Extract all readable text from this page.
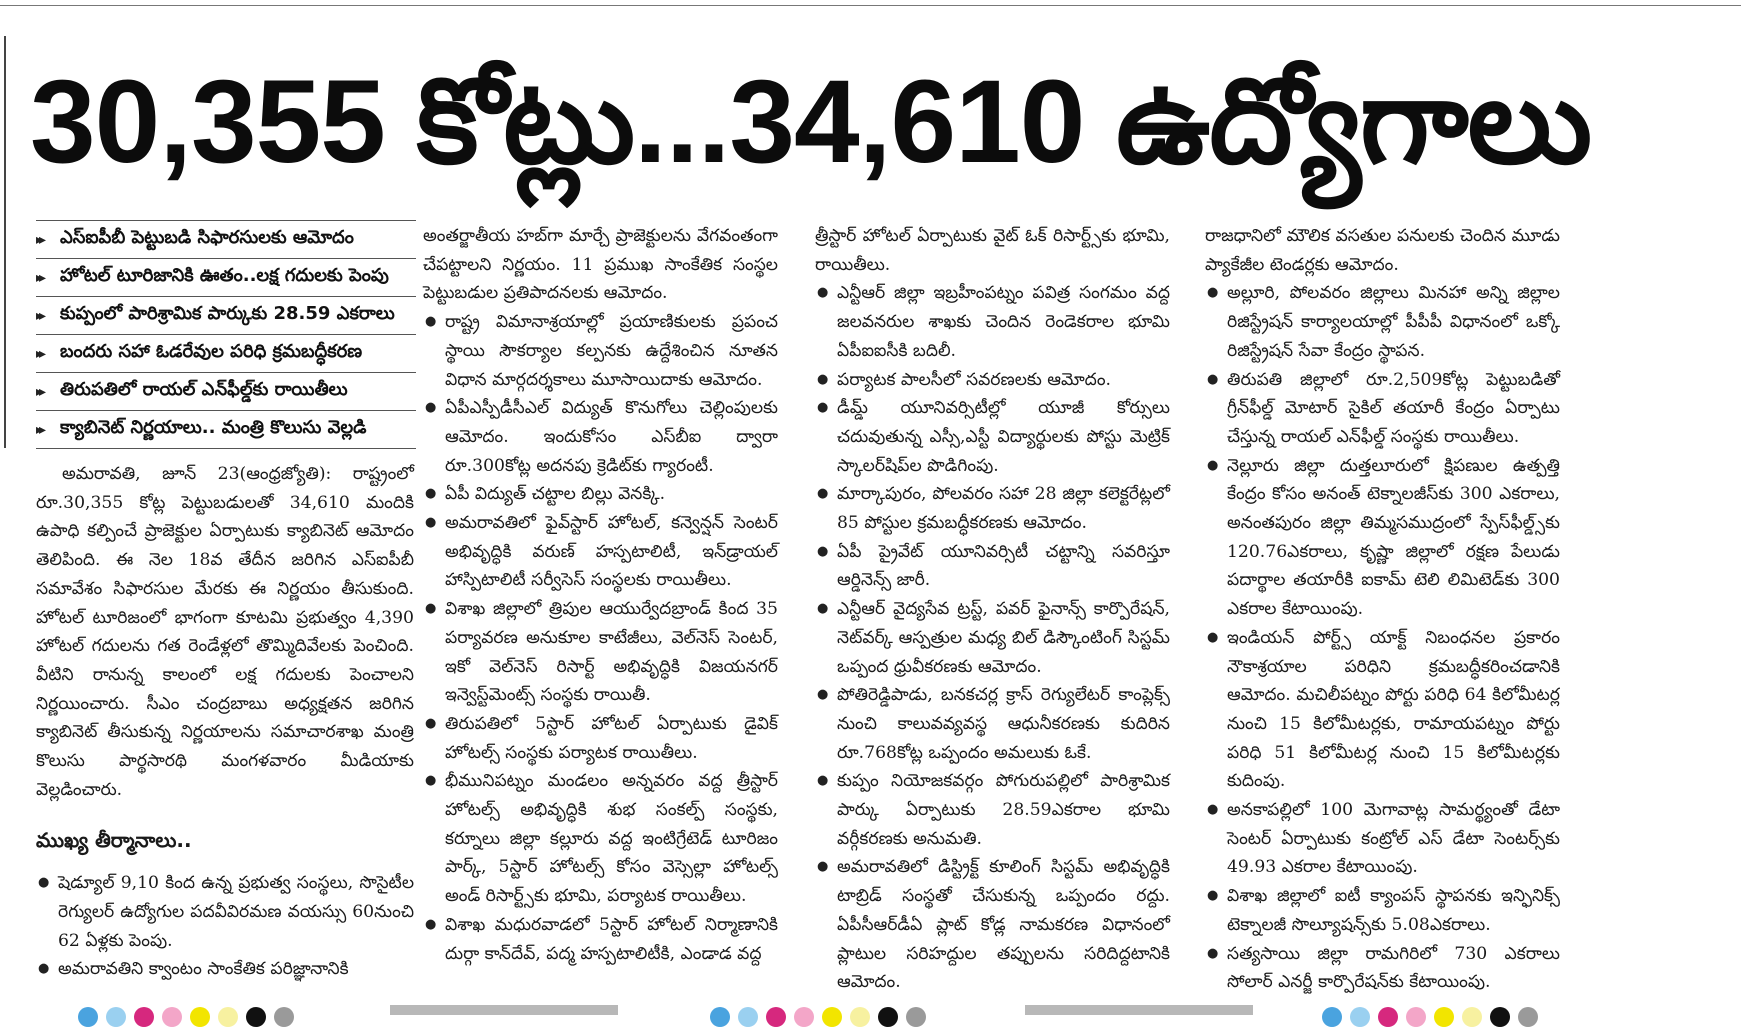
30,355 కోట్లు...34,610 ఉద్యోగాలు
▸▸ ఎస్ఐపీబీ పెట్టుబడి సిఫారసులకు ఆమోదం
▸▸ హోటల్ టూరిజానికి ఊతం..లక్ష గదులకు పెంపు
▸▸ కుప్పంలో పారిశ్రామిక పార్కుకు 28.59 ఎకరాలు
▸▸ బందరు సహా ఓడరేవుల పరిధి క్రమబద్ధీకరణ
▸▸ తిరుపతిలో రాయల్ ఎన్‌ఫీల్డ్‌కు రాయితీలు
▸▸ క్యాబినెట్ నిర్ణయాలు.. మంత్రి కొలుసు వెల్లడి

అమరావతి, జూన్ 23(ఆంధ్రజ్యోతి): రాష్ట్రంలో రూ.30,355 కోట్ల పెట్టుబడులతో 34,610 మందికి ఉపాధి కల్పించే ప్రాజెక్టుల ఏర్పాటుకు క్యాబినెట్ ఆమోదం తెలిపింది. ఈ నెల 18వ తేదీన జరిగిన ఎస్ఐపీబీ సమావేశం సిఫారసుల మేరకు ఈ నిర్ణయం తీసుకుంది. హోటల్ టూరిజంలో భాగంగా కూటమి ప్రభుత్వం 4,390 హోటల్ గదులను గత రెండేళ్లలో తొమ్మిదివేలకు పెంచింది. వీటిని రానున్న కాలంలో లక్ష గదులకు పెంచాలని నిర్ణయించారు. సీఎం చంద్రబాబు అధ్యక్షతన జరిగిన క్యాబినెట్ తీసుకున్న నిర్ణయాలను సమాచారశాఖ మంత్రి కొలుసు పార్థసారథి మంగళవారం మీడియాకు వెల్లడించారు.

ముఖ్య తీర్మానాలు..
● షెడ్యూల్ 9,10 కింద ఉన్న ప్రభుత్వ సంస్థలు, సొసైటీల రెగ్యులర్ ఉద్యోగుల పదవీవిరమణ వయస్సు 60నుంచి 62 ఏళ్లకు పెంపు.
● అమరావతిని క్వాంటం సాంకేతిక పరిజ్ఞానానికి
అంతర్జాతీయ హబ్‌గా మార్చే ప్రాజెక్టులను వేగవంతంగా చేపట్టాలని నిర్ణయం. 11 ప్రముఖ సాంకేతిక సంస్థల పెట్టుబడుల ప్రతిపాదనలకు ఆమోదం.
● రాష్ట్ర విమానాశ్రయాల్లో ప్రయాణికులకు ప్రపంచ స్థాయి సౌకర్యాల కల్పనకు ఉద్దేశించిన నూతన విధాన మార్గదర్శకాలు మూసాయిదాకు ఆమోదం.
● ఏపీఎస్పీడీసీఎల్ విద్యుత్ కొనుగోలు చెల్లింపులకు ఆమోదం. ఇందుకోసం ఎస్‌బీఐ ద్వారా రూ.300కోట్ల అదనపు క్రెడిట్‌కు గ్యారంటీ.
● ఏపీ విద్యుత్ చట్టాల బిల్లు వెనక్కి.
● అమరావతిలో ఫైవ్‌స్టార్ హోటల్, కన్వెన్షన్ సెంటర్ అభివృద్ధికి వరుణ్ హస్పటాలిటీ, ఇన్‌డ్రాయల్ హాస్పిటాలిటీ సర్వీసెస్ సంస్థలకు రాయితీలు.
● విశాఖ జిల్లాలో త్రిపుల ఆయుర్వేదబ్రాండ్ కింద 35 పర్యావరణ అనుకూల కాటేజీలు, వెల్‌నెస్ సెంటర్, ఇకో వెల్‌నెస్ రిసార్ట్ అభివృద్ధికి విజయనగర్ ఇన్వెస్ట్‌మెంట్స్ సంస్థకు రాయితీ.
● తిరుపతిలో 5స్టార్ హోటల్ ఏర్పాటుకు డైవిక్ హోటల్స్ సంస్థకు పర్యాటక రాయితీలు.
● భీమునిపట్నం మండలం అన్నవరం వద్ద త్రీస్టార్ హోటల్స్ అభివృద్ధికి శుభ సంకల్ప్ సంస్థకు, కర్నూలు జిల్లా కల్లూరు వద్ద ఇంటిగ్రేటెడ్ టూరిజం పార్క్, 5స్టార్ హోటల్స్ కోసం వెస్సెల్లా హోటల్స్ అండ్ రిసార్ట్స్‌కు భూమి, పర్యాటక రాయితీలు.
● విశాఖ మధురవాడలో 5స్టార్ హోటల్ నిర్మాణానికి దుర్గా కాన్‌దేవ్, పద్మ హస్పటాలిటీకి, ఎండాడ వద్ద
త్రీస్టార్ హోటల్ ఏర్పాటుకు వైట్ ఓక్ రిసార్ట్స్‌కు భూమి, రాయితీలు.
● ఎన్టీఆర్ జిల్లా ఇబ్రహీంపట్నం పవిత్ర సంగమం వద్ద జలవనరుల శాఖకు చెందిన రెండెకరాల భూమి ఏపీఐఐసీకి బదిలీ.
● పర్యాటక పాలసీలో సవరణలకు ఆమోదం.
● డీమ్డ్ యూనివర్సిటీల్లో యూజీ కోర్సులు చదువుతున్న ఎస్సీ,ఎస్టీ విద్యార్థులకు పోస్టు మెట్రిక్ స్కాలర్‌షిప్‌ల పొడిగింపు.
● మార్కాపురం, పోలవరం సహా 28 జిల్లా కలెక్టరేట్లలో 85 పోస్టుల క్రమబద్ధీకరణకు ఆమోదం.
● ఏపీ ప్రైవేట్ యూనివర్సిటీ చట్టాన్ని సవరిస్తూ ఆర్డినెన్స్ జారీ.
● ఎన్టీఆర్ వైద్యసేవ ట్రస్ట్, పవర్ ఫైనాన్స్ కార్పొరేషన్, నెట్‌వర్క్ ఆస్పత్రుల మధ్య బిల్ డిస్కౌంటింగ్ సిస్టమ్ ఒప్పంద ధ్రువీకరణకు ఆమోదం.
● పోతిరెడ్డిపాడు, బనకచర్ల క్రాస్ రెగ్యులేటర్ కాంప్లెక్స్ నుంచి కాలువవ్యవస్థ ఆధునీకరణకు కుదిరిన రూ.768కోట్ల ఒప్పందం అమలుకు ఓకే.
● కుప్పం నియోజకవర్గం పోగురుపల్లిలో పారిశ్రామిక పార్కు ఏర్పాటుకు 28.59ఎకరాల భూమి వర్గీకరణకు అనుమతి.
● అమరావతిలో డిస్ట్రిక్ట్ కూలింగ్ సిస్టమ్ అభివృద్ధికి టాబ్రిడ్ సంస్థతో చేసుకున్న ఒప్పందం రద్దు. ఏపీసీఆర్‌డీఏ ప్లాట్ కోడ్ల నామకరణ విధానంలో ప్లాటుల సరిహద్దుల తప్పులను సరిదిద్దటానికి ఆమోదం.
రాజధానిలో మౌలిక వసతుల పనులకు చెందిన మూడు ప్యాకేజీల టెండర్లకు ఆమోదం.
● అల్లూరి, పోలవరం జిల్లాలు మినహా అన్ని జిల్లాల రిజిస్ట్రేషన్ కార్యాలయాల్లో పీపీపీ విధానంలో ఒక్కో రిజిస్ట్రేషన్ సేవా కేంద్రం స్థాపన.
● తిరుపతి జిల్లాలో రూ.2,509కోట్ల పెట్టుబడితో గ్రీన్‌ఫీల్డ్ మోటార్ సైకిల్ తయారీ కేంద్రం ఏర్పాటు చేస్తున్న రాయల్ ఎన్‌ఫీల్డ్ సంస్థకు రాయితీలు.
● నెల్లూరు జిల్లా దుత్తలూరులో క్షిపణుల ఉత్పత్తి కేంద్రం కోసం అనంత్ టెక్నాలజీస్‌కు 300 ఎకరాలు, అనంతపురం జిల్లా తిమ్మసముద్రంలో స్పేస్‌ఫీల్డ్స్‌కు 120.76ఎకరాలు, కృష్ణా జిల్లాలో రక్షణ పేలుడు పదార్థాల తయారీకి ఐకామ్ టెలి లిమిటెడ్‌కు 300 ఎకరాల కేటాయింపు.
● ఇండియన్ పోర్ట్స్ యాక్ట్ నిబంధనల ప్రకారం నౌకాశ్రయాల పరిధిని క్రమబద్ధీకరించడానికి ఆమోదం. మచిలీపట్నం పోర్టు పరిధి 64 కిలోమీటర్ల నుంచి 15 కిలోమీటర్లకు, రామాయపట్నం పోర్టు పరిధి 51 కిలోమీటర్ల నుంచి 15 కిలోమీటర్లకు కుదింపు.
● అనకాపల్లిలో 100 మెగావాట్ల సామర్థ్యంతో డేటా సెంటర్ ఏర్పాటుకు కంట్రోల్ ఎస్ డేటా సెంటర్స్‌కు 49.93 ఎకరాల కేటాయింపు.
● విశాఖ జిల్లాలో ఐటీ క్యాంపస్ స్థాపనకు ఇన్ఫినిక్స్ టెక్నాలజీ సొల్యూషన్స్‌కు 5.08ఎకరాలు.
● సత్యసాయి జిల్లా రామగిరిలో 730 ఎకరాలు సోలార్ ఎనర్జీ కార్పొరేషన్‌కు కేటాయింపు.
